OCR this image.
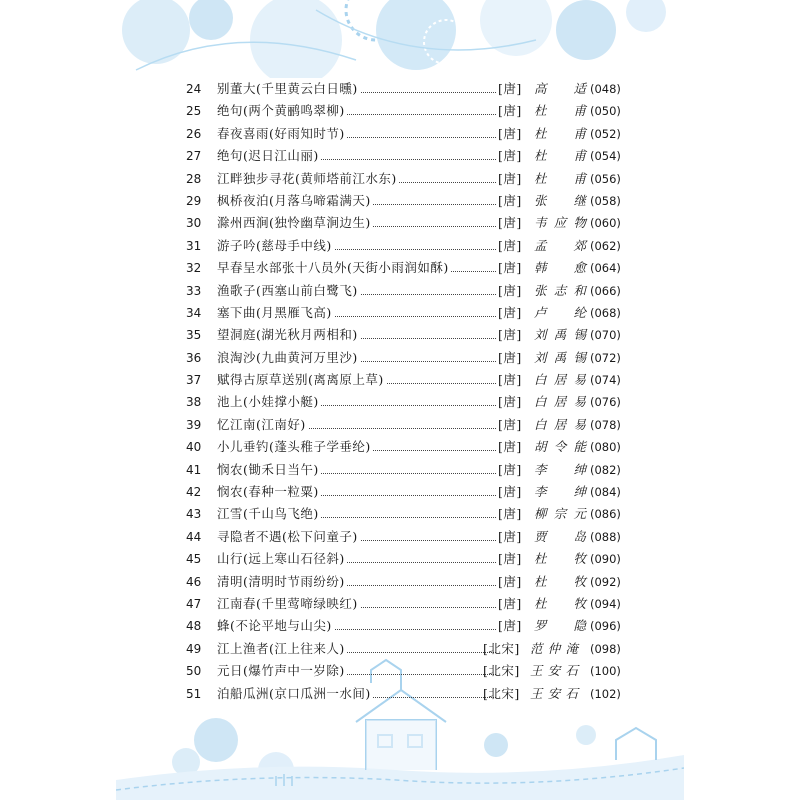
24	别董大(千里黄云白日曛)	[ 唐 ]	高 适 (048)
25	绝句(两个黄鹂鸣翠柳)	[ 唐 ]	杜 甫 (050)
26	春夜喜雨(好雨知时节)	[ 唐 ]	杜 甫 (052)
27	绝句(迟日江山丽)	[ 唐 ]	杜 甫 (054)
28	江畔独步寻花(黄师塔前江水东)	[ 唐 ]	杜 甫 (056)
29	枫桥夜泊(月落乌啼霜满天)	[ 唐 ]	张 继 (058)
30	滁州西涧(独怜幽草涧边生)	[ 唐 ]	韦应物 (060)
31	游子吟(慈母手中线)	[ 唐 ]	孟 郊 (062)
32	早春呈水部张十八员外(天街小雨润如酥)	[ 唐 ]	韩 愈 (064)
33	渔歌子(西塞山前白鹭飞)	[ 唐 ]	张志和 (066)
34	塞下曲(月黑雁飞高)	[ 唐 ]	卢 纶 (068)
35	望洞庭(湖光秋月两相和)	[ 唐 ]	刘禹锡 (070)
36	浪淘沙(九曲黄河万里沙)	[ 唐 ]	刘禹锡 (072)
37	赋得古原草送别(离离原上草)	[ 唐 ]	白居易 (074)
38	池上(小娃撑小艇)	[ 唐 ]	白居易 (076)
39	忆江南(江南好)	[ 唐 ]	白居易 (078)
40	小儿垂钓(蓬头稚子学垂纶)	[ 唐 ]	胡令能 (080)
41	悯农(锄禾日当午)	[ 唐 ]	李 绅 (082)
42	悯农(春种一粒粟)	[ 唐 ]	李 绅 (084)
43	江雪(千山鸟飞绝)	[ 唐 ]	柳宗元 (086)
44	寻隐者不遇(松下问童子)	[ 唐 ]	贾 岛 (088)
45	山行(远上寒山石径斜)	[ 唐 ]	杜 牧 (090)
46	清明(清明时节雨纷纷)	[ 唐 ]	杜 牧 (092)
47	江南春(千里莺啼绿映红)	[ 唐 ]	杜 牧 (094)
48	蜂(不论平地与山尖)	[ 唐 ]	罗 隐 (096)
49	江上渔者(江上往来人)	[ 北宋 ]	范仲淹 (098)
50	元日(爆竹声中一岁除)	[ 北宋 ]	王安石 (100)
51	泊船瓜洲(京口瓜洲一水间)	[ 北宋 ]	王安石 (102)
